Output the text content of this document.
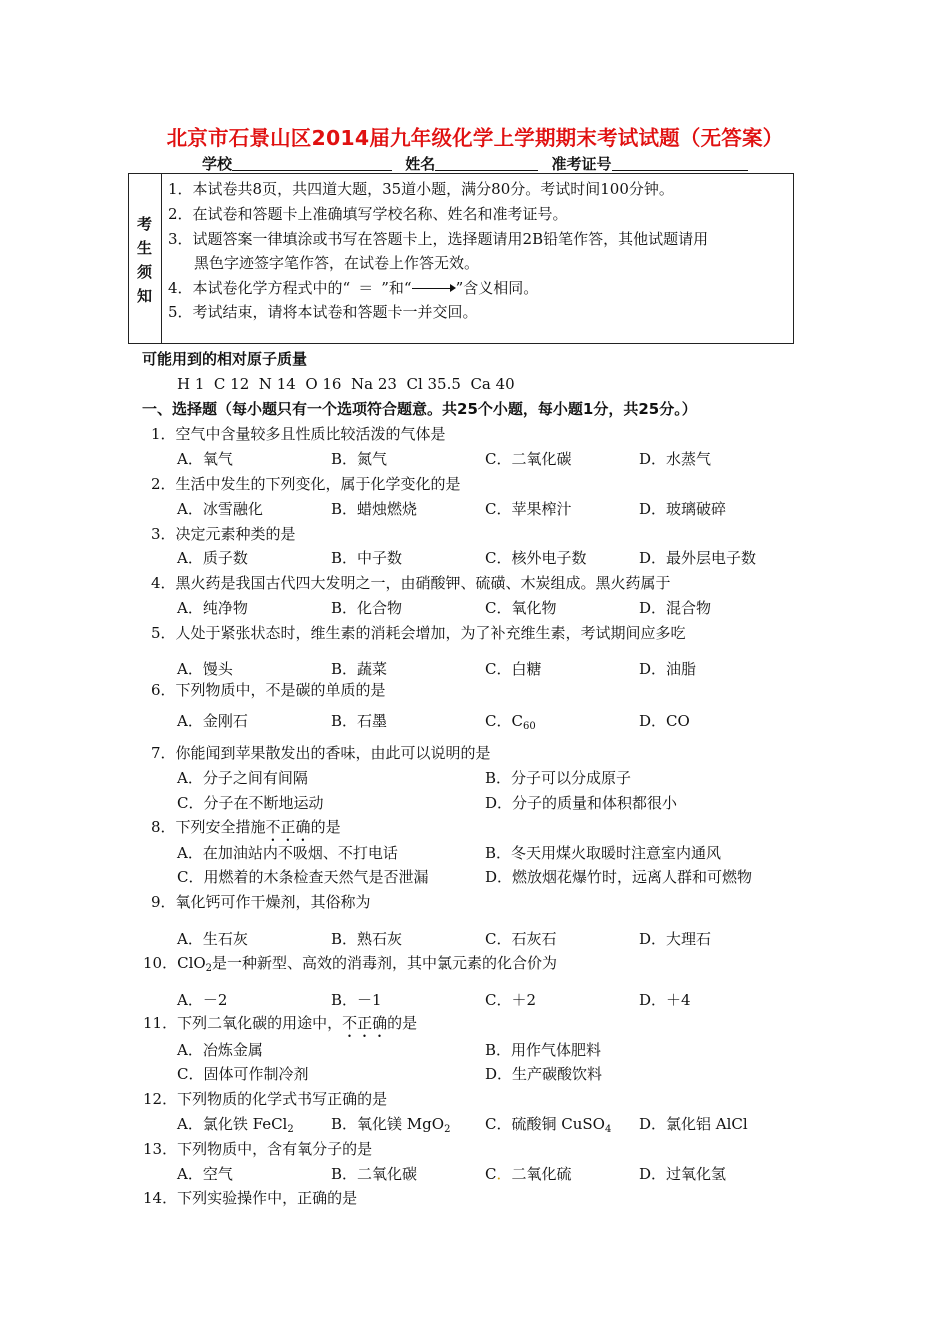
北京市石景山区2014届九年级化学上学期期末考试试题（无答案）
学校	姓名	准考证号
考
生
须
知
1．本试卷共8页，共四道大题，35道小题，满分80分。考试时间100分钟。
2．在试卷和答题卡上准确填写学校名称、姓名和准考证号。
3．试题答案一律填涂或书写在答题卡上，选择题请用2B铅笔作答，其他试题请用
黑色字迹签字笔作答，在试卷上作答无效。
4．本试卷化学方程式中的“ ＝ ”和“	”含义相同。
5．考试结束，请将本试卷和答题卡一并交回。
可能用到的相对原子质量
H 1  C 12  N 14  O 16  Na 23  Cl 35.5  Ca 40
一、选择题（每小题只有一个选项符合题意。共25个小题，每小题1分，共25分。）
1．空气中含量较多且性质比较活泼的气体是
A．氧气	B．氮气	C．二氧化碳	D．水蒸气
2．生活中发生的下列变化，属于化学变化的是
A．冰雪融化	B．蜡烛燃烧	C．苹果榨汁	D．玻璃破碎
3．决定元素种类的是
A．质子数	B．中子数	C．核外电子数	D．最外层电子数
4．黑火药是我国古代四大发明之一，由硝酸钾、硫磺、木炭组成。黑火药属于
A．纯净物	B．化合物	C．氧化物	D．混合物
5．人处于紧张状态时，维生素的消耗会增加，为了补充维生素，考试期间应多吃
A．馒头	B．蔬菜	C．白糖	D．油脂
6．下列物质中，不是碳的单质的是
A．金刚石	B．石墨	C．$C_{60}$	D．CO
7．你能闻到苹果散发出的香味，由此可以说明的是
A．分子之间有间隔	B．分子可以分成原子
C．分子在不断地运动	D．分子的质量和体积都很小
8．下列安全措施不正确的是
A．在加油站内不吸烟、不打电话	B．冬天用煤火取暖时注意室内通风
C．用燃着的木条检查天然气是否泄漏	D．燃放烟花爆竹时，远离人群和可燃物
9．氧化钙可作干燥剂，其俗称为
A．生石灰	B．熟石灰	C．石灰石	D．大理石
10．ClO$_2$是一种新型、高效的消毒剂，其中氯元素的化合价为
A．－2	B．－1	C．＋2	D．＋4
11．下列二氧化碳的用途中，不正确的是
A．冶炼金属	B．用作气体肥料
C．固体可作制冷剂	D．生产碳酸饮料
12．下列物质的化学式书写正确的是
A．氯化铁 FeCl$_2$ B．氧化镁 MgO$_2$ C．硫酸铜 CuSO$_4$ D．氯化铝 AlCl
13．下列物质中，含有氧分子的是
A．空气	B．二氧化碳	C．二氧化硫	D．过氧化氢
14．下列实验操作中，正确的是
